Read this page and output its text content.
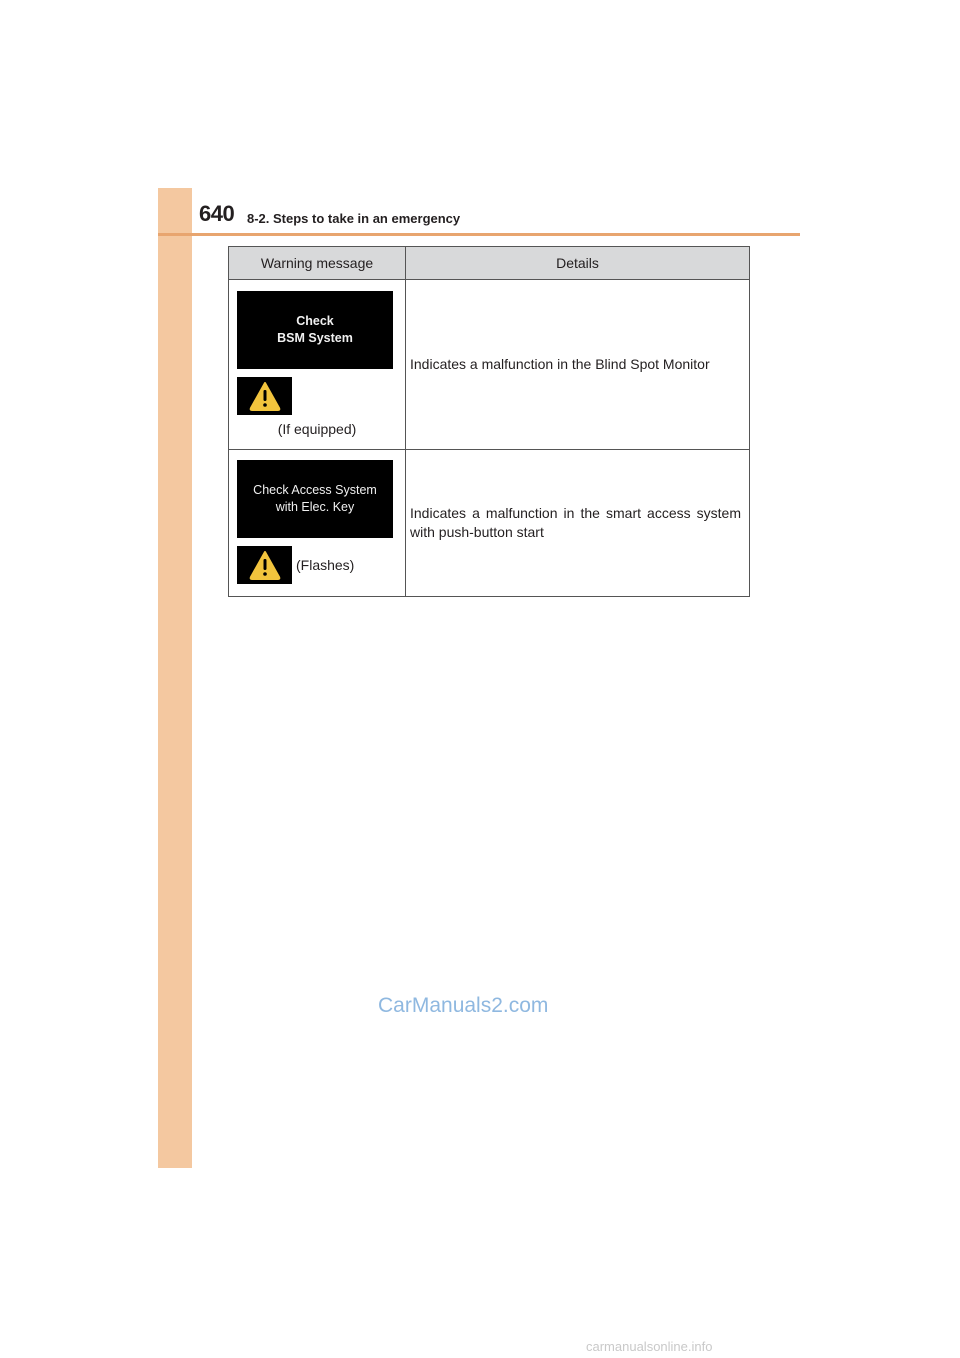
640 8-2. Steps to take in an emergency
Warning message	Details

Check
BSM System
(If equipped)	Indicates a malfunction in the Blind Spot Monitor

Check Access System
with Elec. Key
(Flashes)	Indicates a malfunction in the smart access system with push-button start
CarManuals2.com
carmanualsonline.info
